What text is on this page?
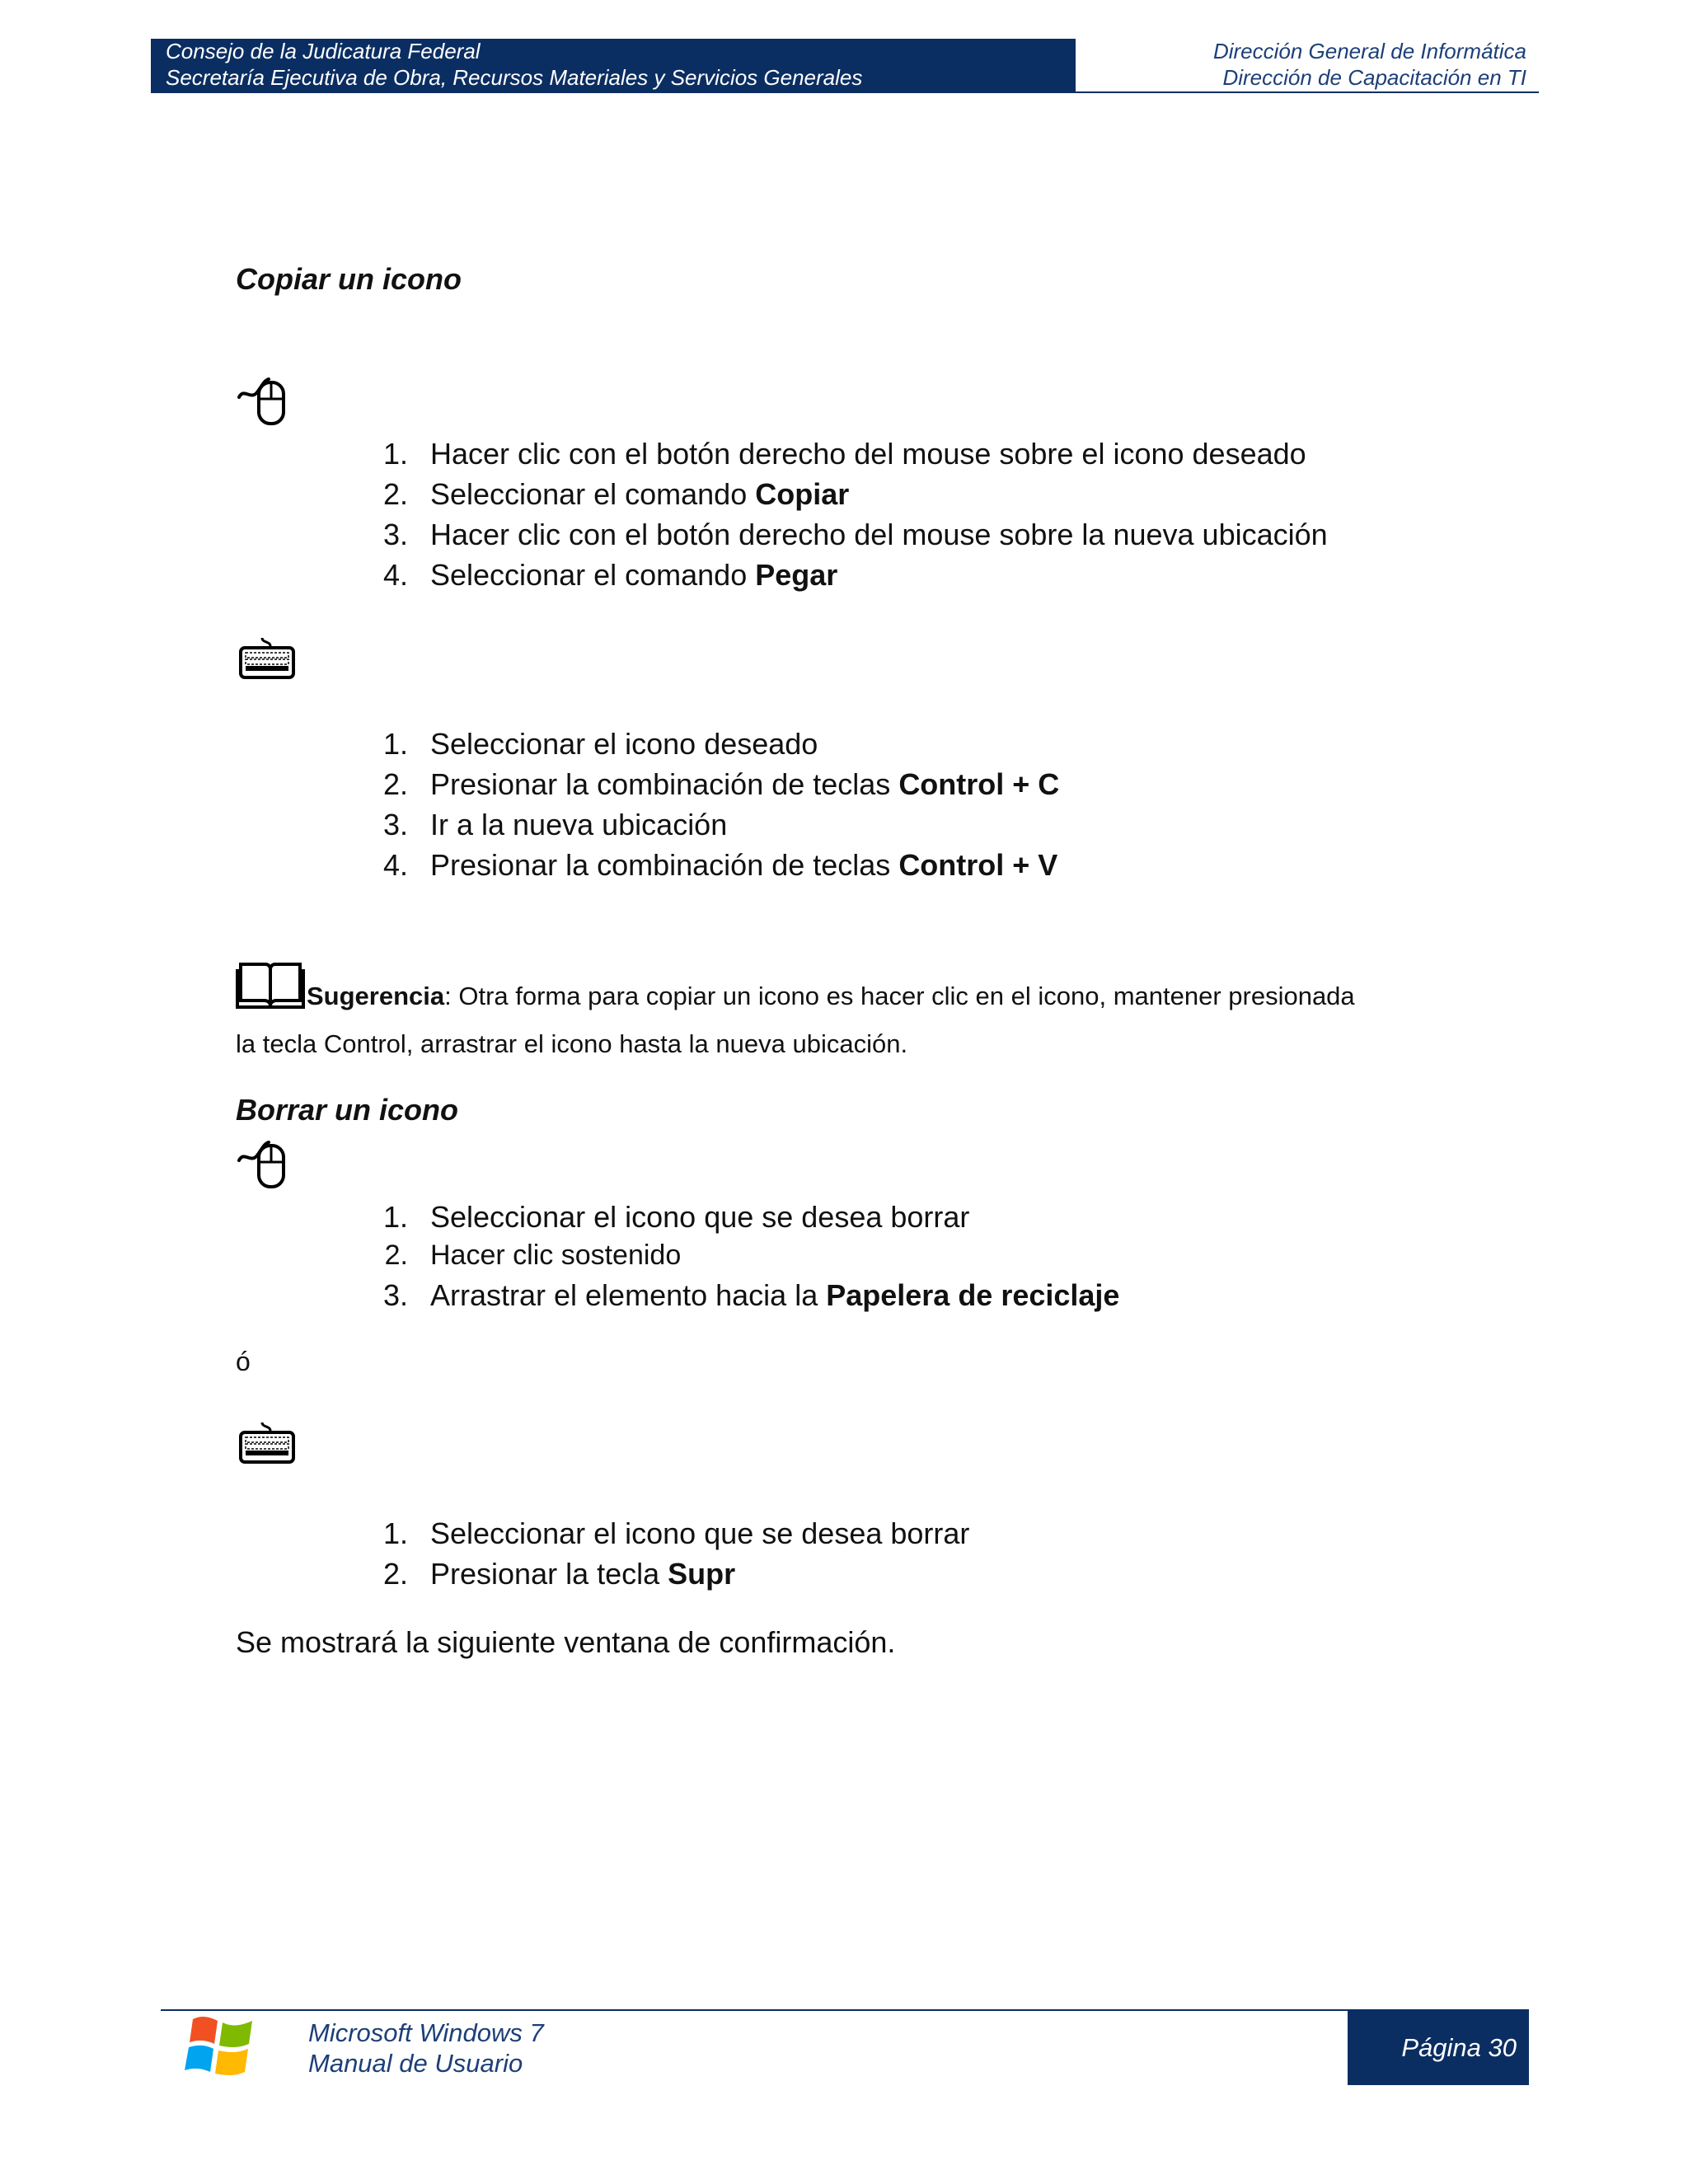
Consejo de la Judicatura Federal
Secretaría Ejecutiva de Obra, Recursos Materiales y Servicios Generales
Dirección General de Informática
Dirección de Capacitación en TI
Copiar un icono
1. Hacer clic con el botón derecho del mouse sobre el icono deseado
2. Seleccionar el comando Copiar
3. Hacer clic con el botón derecho del mouse sobre la nueva ubicación
4. Seleccionar el comando Pegar
1. Seleccionar el icono deseado
2. Presionar la combinación de teclas Control + C
3. Ir a la nueva ubicación
4. Presionar la combinación de teclas Control + V
Sugerencia: Otra forma para copiar un icono es hacer clic en el icono, mantener presionada
la tecla Control, arrastrar el icono hasta la nueva ubicación.
Borrar un icono
1. Seleccionar el icono que se desea borrar
2. Hacer clic sostenido
3. Arrastrar el elemento hacia la Papelera de reciclaje
ó
1. Seleccionar el icono que se desea borrar
2. Presionar la tecla Supr
Se mostrará la siguiente ventana de confirmación.
Página 30
Microsoft Windows 7
Manual de Usuario
